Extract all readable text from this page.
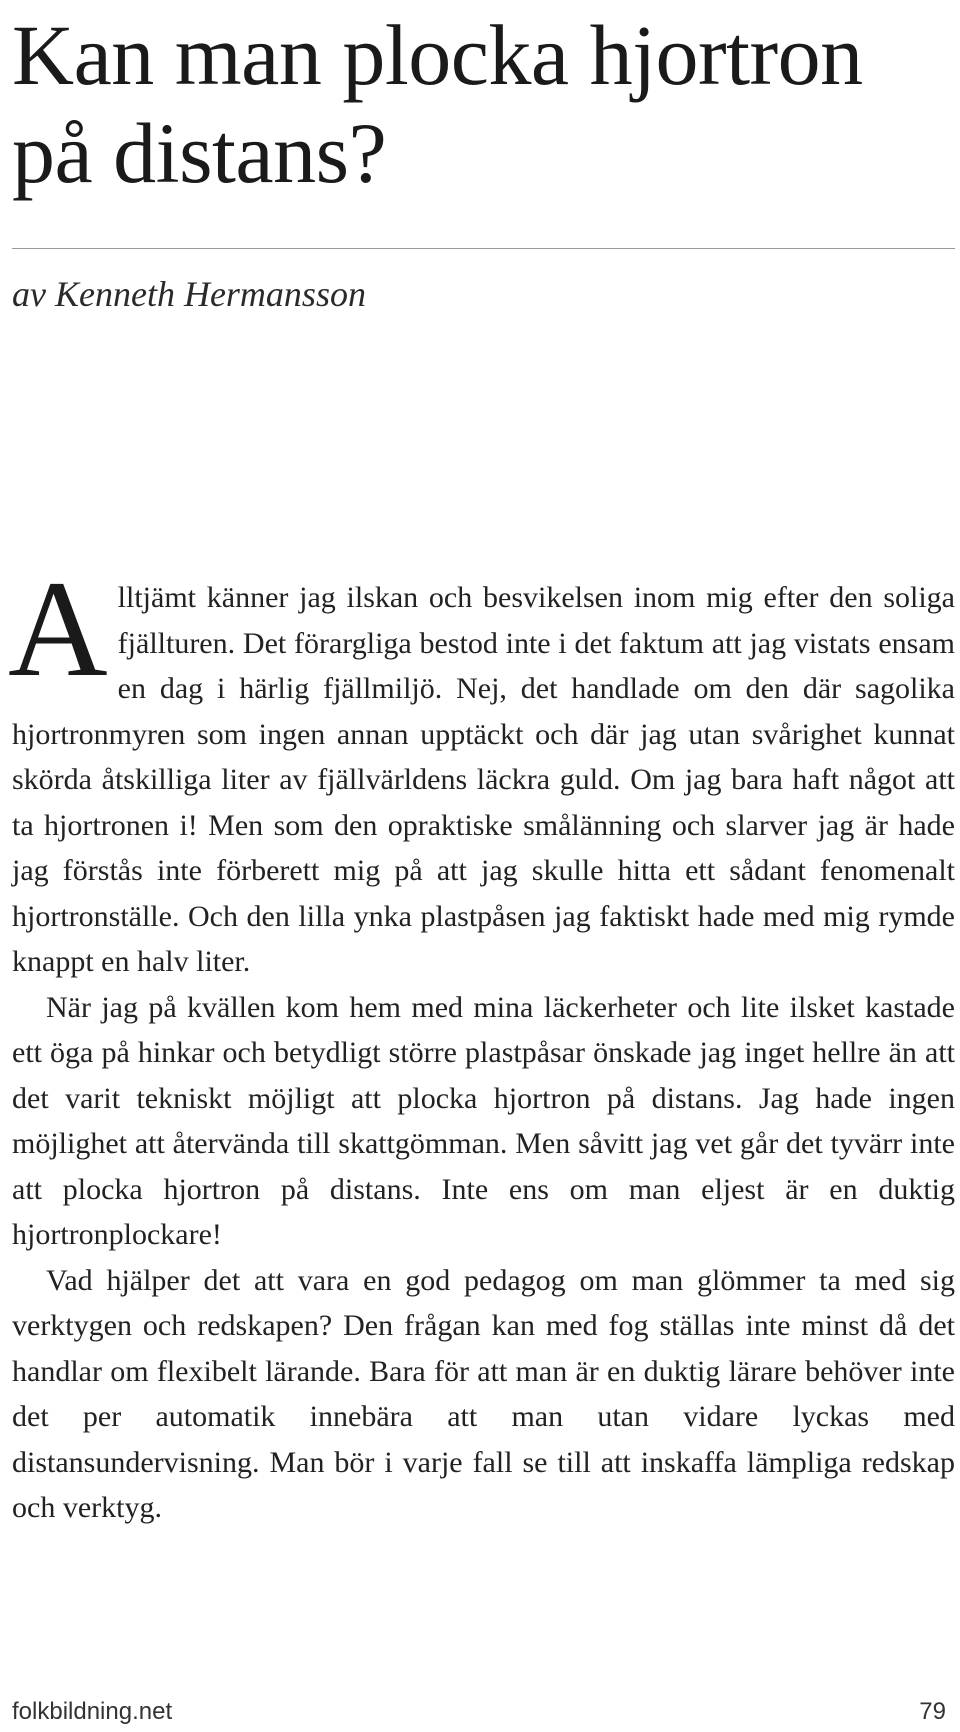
Kan man plocka hjortron på distans?

av Kenneth Hermansson

Alltjämt känner jag ilskan och besvikelsen inom mig efter den soliga fjällturen. Det förargliga bestod inte i det faktum att jag vistats ensam en dag i härlig fjällmiljö. Nej, det handlade om den där sagolika hjortronmyren som ingen annan upptäckt och där jag utan svårighet kunnat skörda åtskilliga liter av fjällvärldens läckra guld. Om jag bara haft något att ta hjortronen i! Men som den opraktiske smålänning och slarver jag är hade jag förstås inte förberett mig på att jag skulle hitta ett sådant fenomenalt hjortronställe. Och den lilla ynka plastpåsen jag faktiskt hade med mig rymde knappt en halv liter.

När jag på kvällen kom hem med mina läckerheter och lite ilsket kastade ett öga på hinkar och betydligt större plastpåsar önskade jag inget hellre än att det varit tekniskt möjligt att plocka hjortron på distans. Jag hade ingen möjlighet att återvända till skattgömman. Men såvitt jag vet går det tyvärr inte att plocka hjortron på distans. Inte ens om man eljest är en duktig hjortronplockare!

Vad hjälper det att vara en god pedagog om man glömmer ta med sig verktygen och redskapen? Den frågan kan med fog ställas inte minst då det handlar om flexibelt lärande. Bara för att man är en duktig lärare behöver inte det per automatik innebära att man utan vidare lyckas med distansundervisning. Man bör i varje fall se till att inskaffa lämpliga redskap och verktyg.

folkbildning.net	79
